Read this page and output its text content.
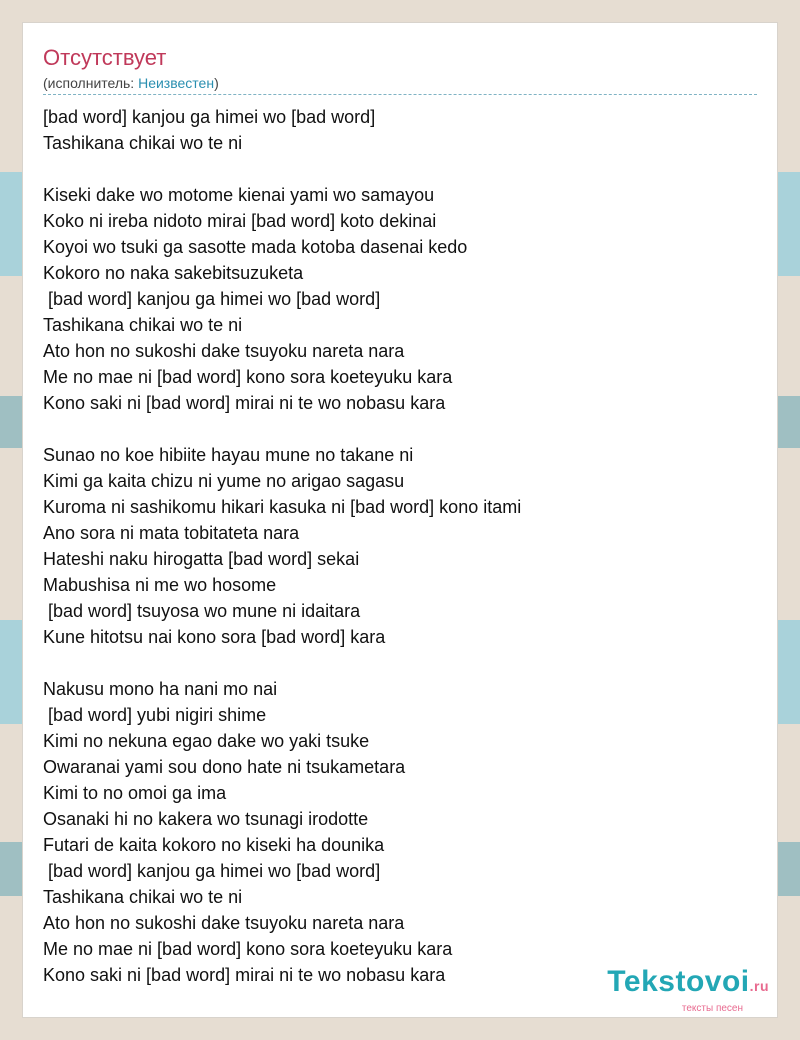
Отсутствует
(исполнитель: Неизвестен)
[bad word] kanjou ga himei wo [bad word]
Tashikana chikai wo te ni
Kiseki dake wo motome kienai yami wo samayou
Koko ni ireba nidoto mirai [bad word] koto dekinai
Koyoi wo tsuki ga sasotte mada kotoba dasenai kedo
Kokoro no naka sakebitsuzuketa
[bad word] kanjou ga himei wo [bad word]
Tashikana chikai wo te ni
Ato hon no sukoshi dake tsuyoku nareta nara
Me no mae ni [bad word] kono sora koeteyuku kara
Kono saki ni [bad word] mirai ni te wo nobasu kara
Sunao no koe hibiite hayau mune no takane ni
Kimi ga kaita chizu ni yume no arigao sagasu
Kuroma ni sashikomu hikari kasuka ni [bad word] kono itami
Ano sora ni mata tobitateta nara
Hateshi naku hirogatta [bad word] sekai
Mabushisa ni me wo hosome
[bad word] tsuyosa wo mune ni idaitara
Kune hitotsu nai kono sora [bad word] kara
Nakusu mono ha nani mo nai
[bad word] yubi nigiri shime
Kimi no nekuna egao dake wo yaki tsuke
Owaranai yami sou dono hate ni tsukametara
Kimi to no omoi ga ima
Osanaki hi no kakera wo tsunagi irodotte
Futari de kaita kokoro no kiseki ha dounika
[bad word] kanjou ga himei wo [bad word]
Tashikana chikai wo te ni
Ato hon no sukoshi dake tsuyoku nareta nara
Me no mae ni [bad word] kono sora koeteyuku kara
Kono saki ni [bad word] mirai ni te wo nobasu kara	Tekstovoi.ru
тексты песен
